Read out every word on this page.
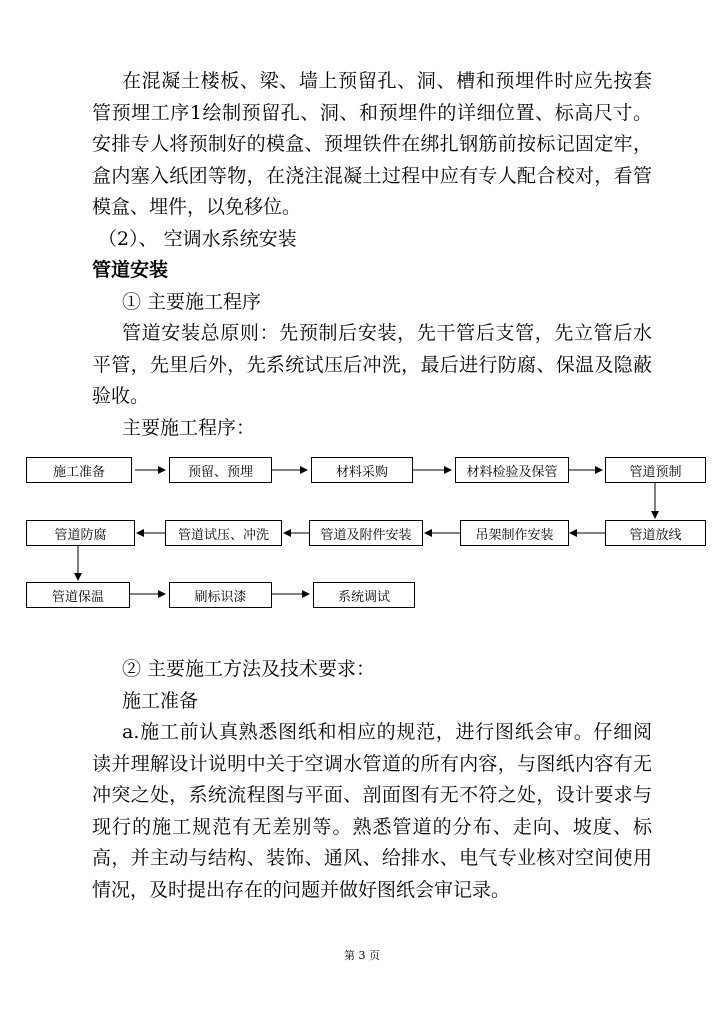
在混凝土楼板、梁、墙上预留孔、洞、槽和预埋件时应先按套管预埋工序1绘制预留孔、洞、和预埋件的详细位置、标高尺寸。安排专人将预制好的模盒、预埋铁件在绑扎钢筋前按标记固定牢，盒内塞入纸团等物，在浇注混凝土过程中应有专人配合校对，看管模盒、埋件，以免移位。

（2）、 空调水系统安装

管道安装

① 主要施工程序

管道安装总原则：先预制后安装，先干管后支管，先立管后水平管，先里后外，先系统试压后冲洗，最后进行防腐、保温及隐蔽验收。

主要施工程序：

施工准备	预留、预埋	材料采购	材料检验及保管	管道预制
管道放线
吊架制作安装
管道及附件安装
管道试压、冲洗
管道防腐
管道保温	刷标识漆	系统调试

② 主要施工方法及技术要求：

施工准备

a.施工前认真熟悉图纸和相应的规范，进行图纸会审。仔细阅读并理解设计说明中关于空调水管道的所有内容，与图纸内容有无冲突之处，系统流程图与平面、剖面图有无不符之处，设计要求与现行的施工规范有无差别等。熟悉管道的分布、走向、坡度、标高，并主动与结构、装饰、通风、给排水、电气专业核对空间使用情况，及时提出存在的问题并做好图纸会审记录。

第 3 页
